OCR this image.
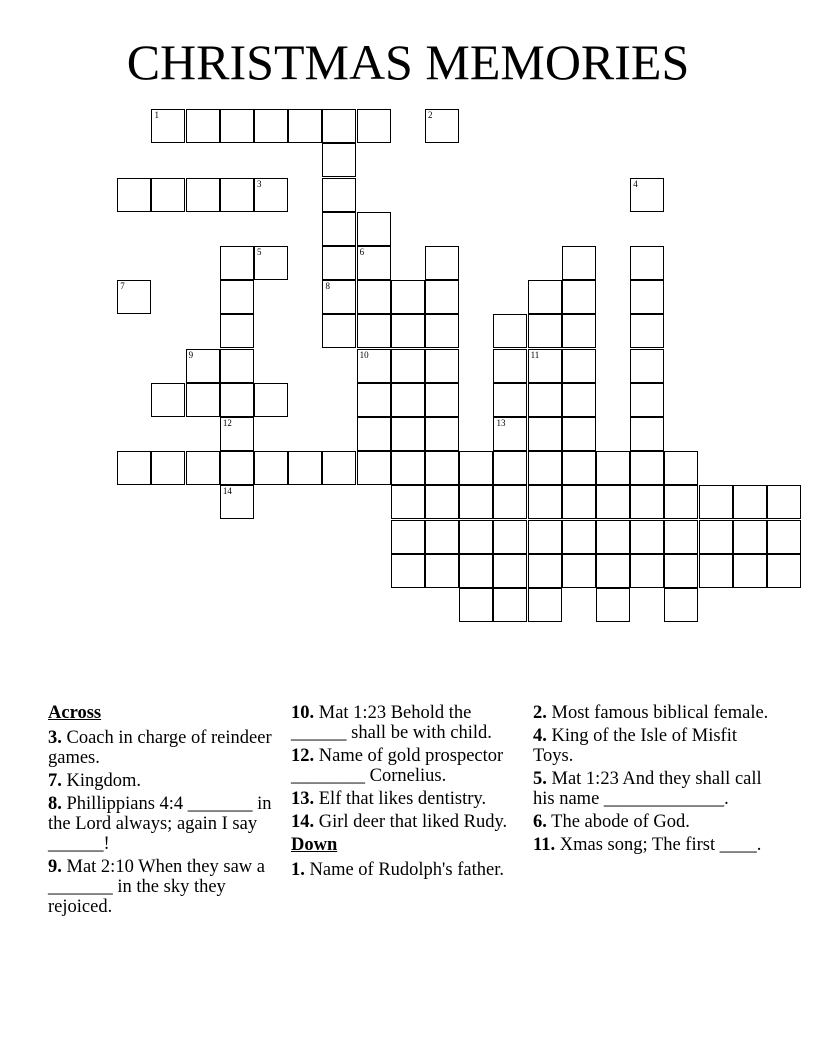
CHRISTMAS MEMORIES
1
12
14
8
6
10
13
11
2
3	4
5
7
9
Across
3. Coach in charge of reindeer games.
7. Kingdom.
8. Phillippians 4:4 _______ in the Lord always; again I say ______!
9. Mat 2:10 When they saw a _______ in the sky they rejoiced.
10. Mat 1:23 Behold the ______ shall be with child.
12. Name of gold prospector ________ Cornelius.
13. Elf that likes dentistry.
14. Girl deer that liked Rudy.
Down
1. Name of Rudolph's father.
2. Most famous biblical female.
4. King of the Isle of Misfit Toys.
5. Mat 1:23 And they shall call his name _____________.
6. The abode of God.
11. Xmas song; The first ____.
